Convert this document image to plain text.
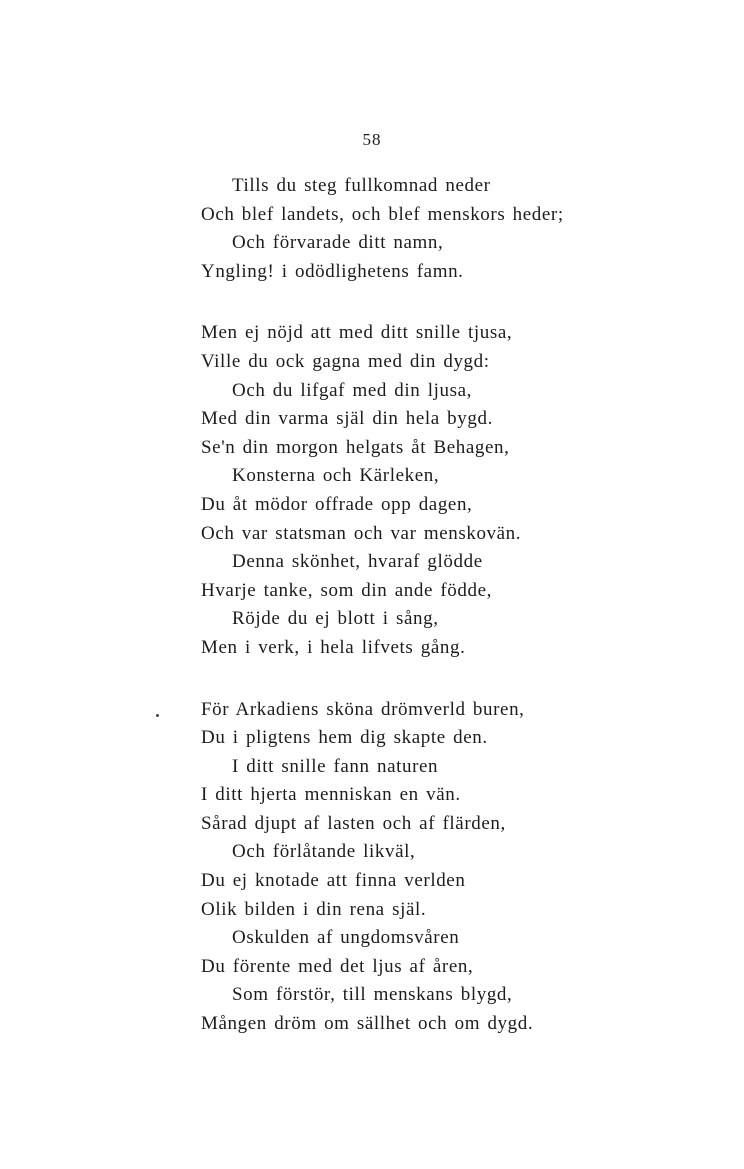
58
Tills du steg fullkomnad neder
Och blef landets, och blef menskors heder;
Och förvarade ditt namn,
Yngling! i odödlighetens famn.
Men ej nöjd att med ditt snille tjusa,
Ville du ock gagna med din dygd:
Och du lifgaf med din ljusa,
Med din varma själ din hela bygd.
Se'n din morgon helgats åt Behagen,
Konsterna och Kärleken,
Du åt mödor offrade opp dagen,
Och var statsman och var menskovän.
Denna skönhet, hvaraf glödde
Hvarje tanke, som din ande födde,
Röjde du ej blott i sång,
Men i verk, i hela lifvets gång.
För Arkadiens sköna drömverld buren,
Du i pligtens hem dig skapte den.
I ditt snille fann naturen
I ditt hjerta menniskan en vän.
Sårad djupt af lasten och af flärden,
Och förlåtande likväl,
Du ej knotade att finna verlden
Olik bilden i din rena själ.
Oskulden af ungdomsvåren
Du förente med det ljus af åren,
Som förstör, till menskans blygd,
Mången dröm om sällhet och om dygd.
